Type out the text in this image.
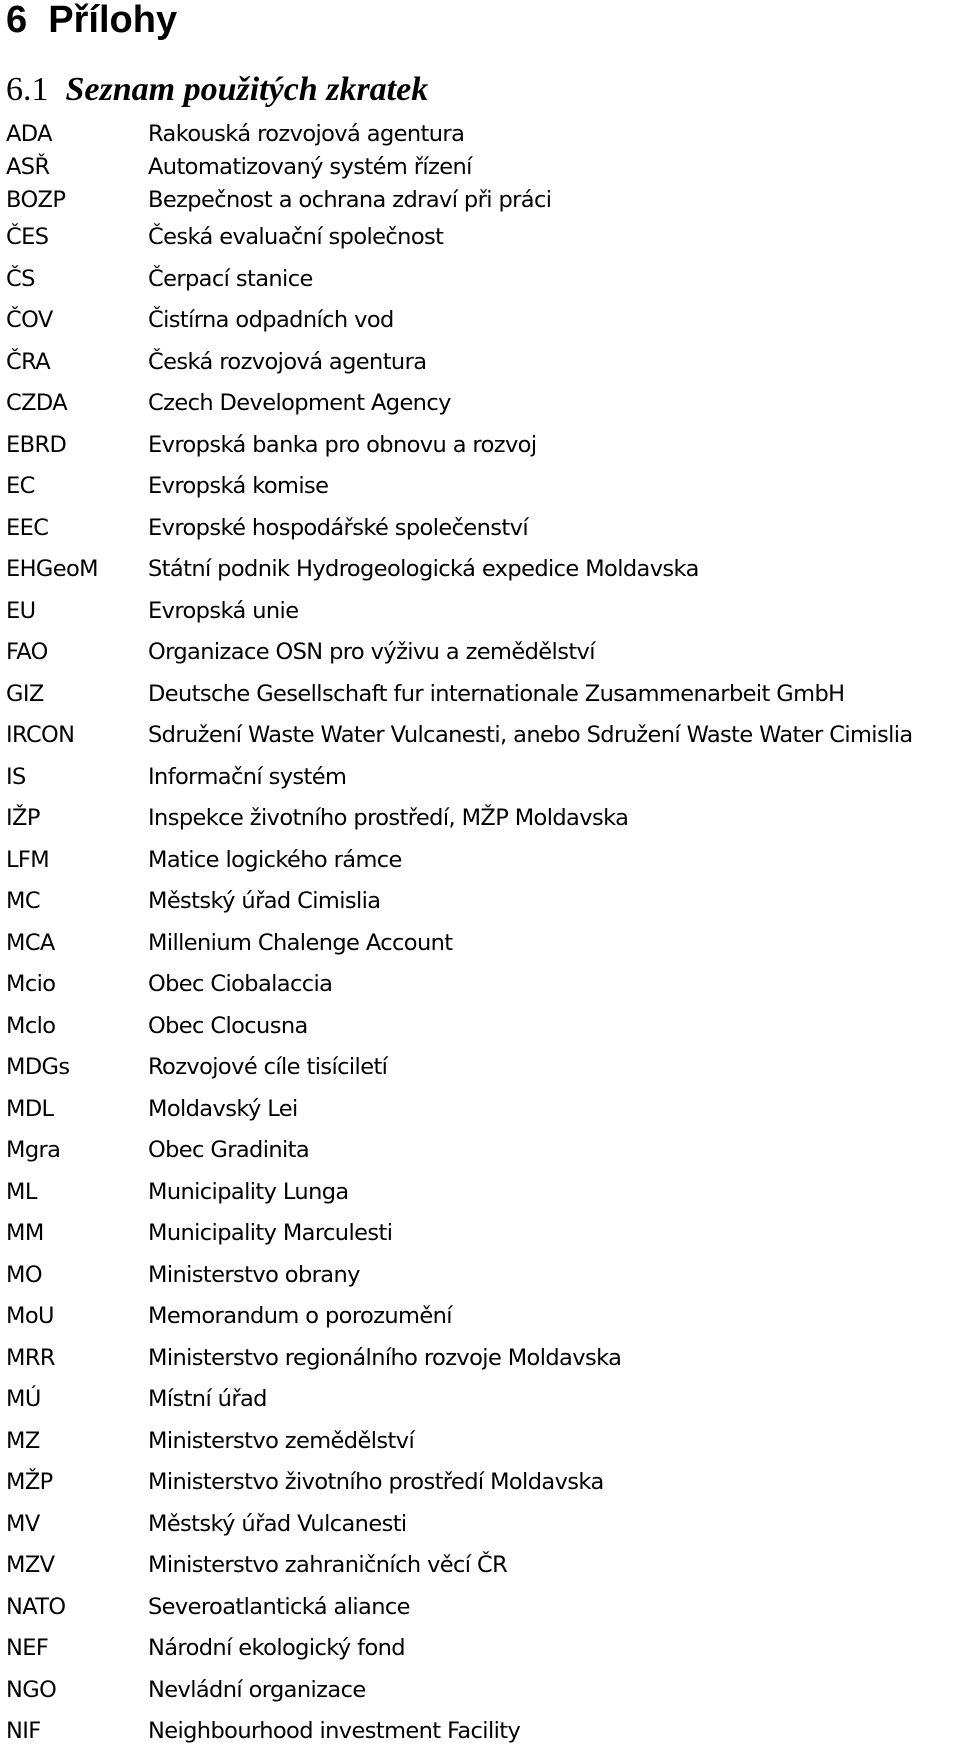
6 Přílohy
6.1 Seznam použitých zkratek
ADA	Rakouská rozvojová agentura
ASŘ	Automatizovaný systém řízení
BOZP	Bezpečnost a ochrana zdraví při práci
ČES	Česká evaluační společnost
ČS	Čerpací stanice
ČOV	Čistírna odpadních vod
ČRA	Česká rozvojová agentura
CZDA	Czech Development Agency
EBRD	Evropská banka pro obnovu a rozvoj
EC	Evropská komise
EEC	Evropské hospodářské společenství
EHGeoM Státní podnik Hydrogeologická expedice Moldavska
EU	Evropská unie
FAO	Organizace OSN pro výživu a zemědělství
GIZ	Deutsche Gesellschaft fur internationale Zusammenarbeit GmbH
IRCON	Sdružení Waste Water Vulcanesti, anebo Sdružení Waste Water Cimislia
IS	Informační systém
IŽP	Inspekce životního prostředí, MŽP Moldavska
LFM	Matice logického rámce
MC	Městský úřad Cimislia
MCA	Millenium Chalenge Account
Mcio	Obec Ciobalaccia
Mclo	Obec Clocusna
MDGs	Rozvojové cíle tisíciletí
MDL	Moldavský Lei
Mgra	Obec Gradinita
ML	Municipality Lunga
MM	Municipality Marculesti
MO	Ministerstvo obrany
MoU	Memorandum o porozumění
MRR	Ministerstvo regionálního rozvoje Moldavska
MÚ	Místní úřad
MZ	Ministerstvo zemědělství
MŽP	Ministerstvo životního prostředí Moldavska
MV	Městský úřad Vulcanesti
MZV	Ministerstvo zahraničních věcí ČR
NATO	Severoatlantická aliance
NEF	Národní ekologický fond
NGO	Nevládní organizace
NIF	Neighbourhood investment Facility
